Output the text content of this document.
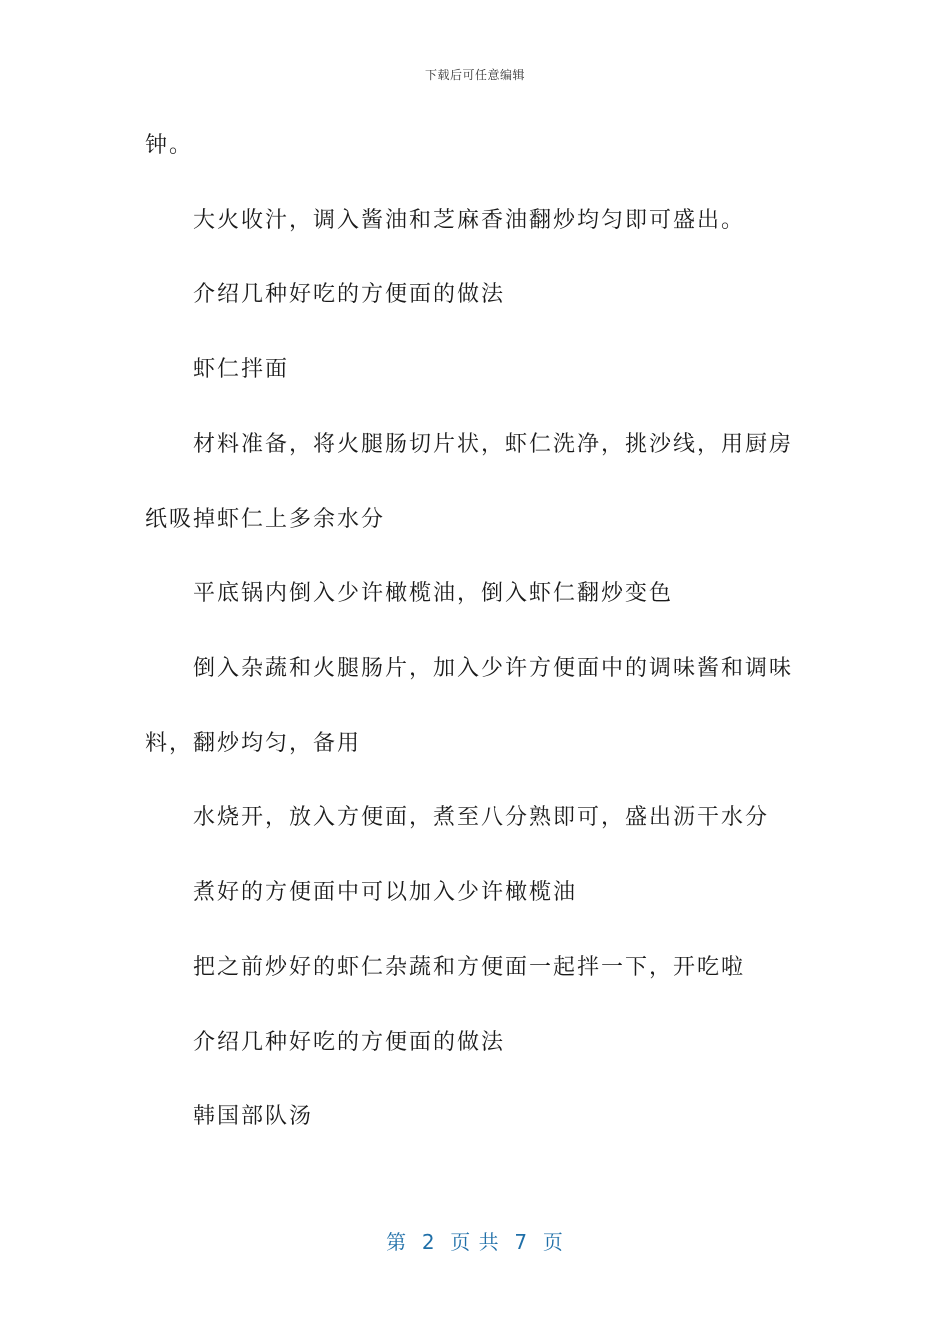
下载后可任意编辑
钟。
大火收汁，调入酱油和芝麻香油翻炒均匀即可盛出。
介绍几种好吃的方便面的做法
虾仁拌面
材料准备，将火腿肠切片状，虾仁洗净，挑沙线，用厨房
纸吸掉虾仁上多余水分
平底锅内倒入少许橄榄油，倒入虾仁翻炒变色
倒入杂蔬和火腿肠片，加入少许方便面中的调味酱和调味
料，翻炒均匀，备用
水烧开，放入方便面，煮至八分熟即可，盛出沥干水分
煮好的方便面中可以加入少许橄榄油
把之前炒好的虾仁杂蔬和方便面一起拌一下，开吃啦
介绍几种好吃的方便面的做法
韩国部队汤
第  2  页 共  7  页
